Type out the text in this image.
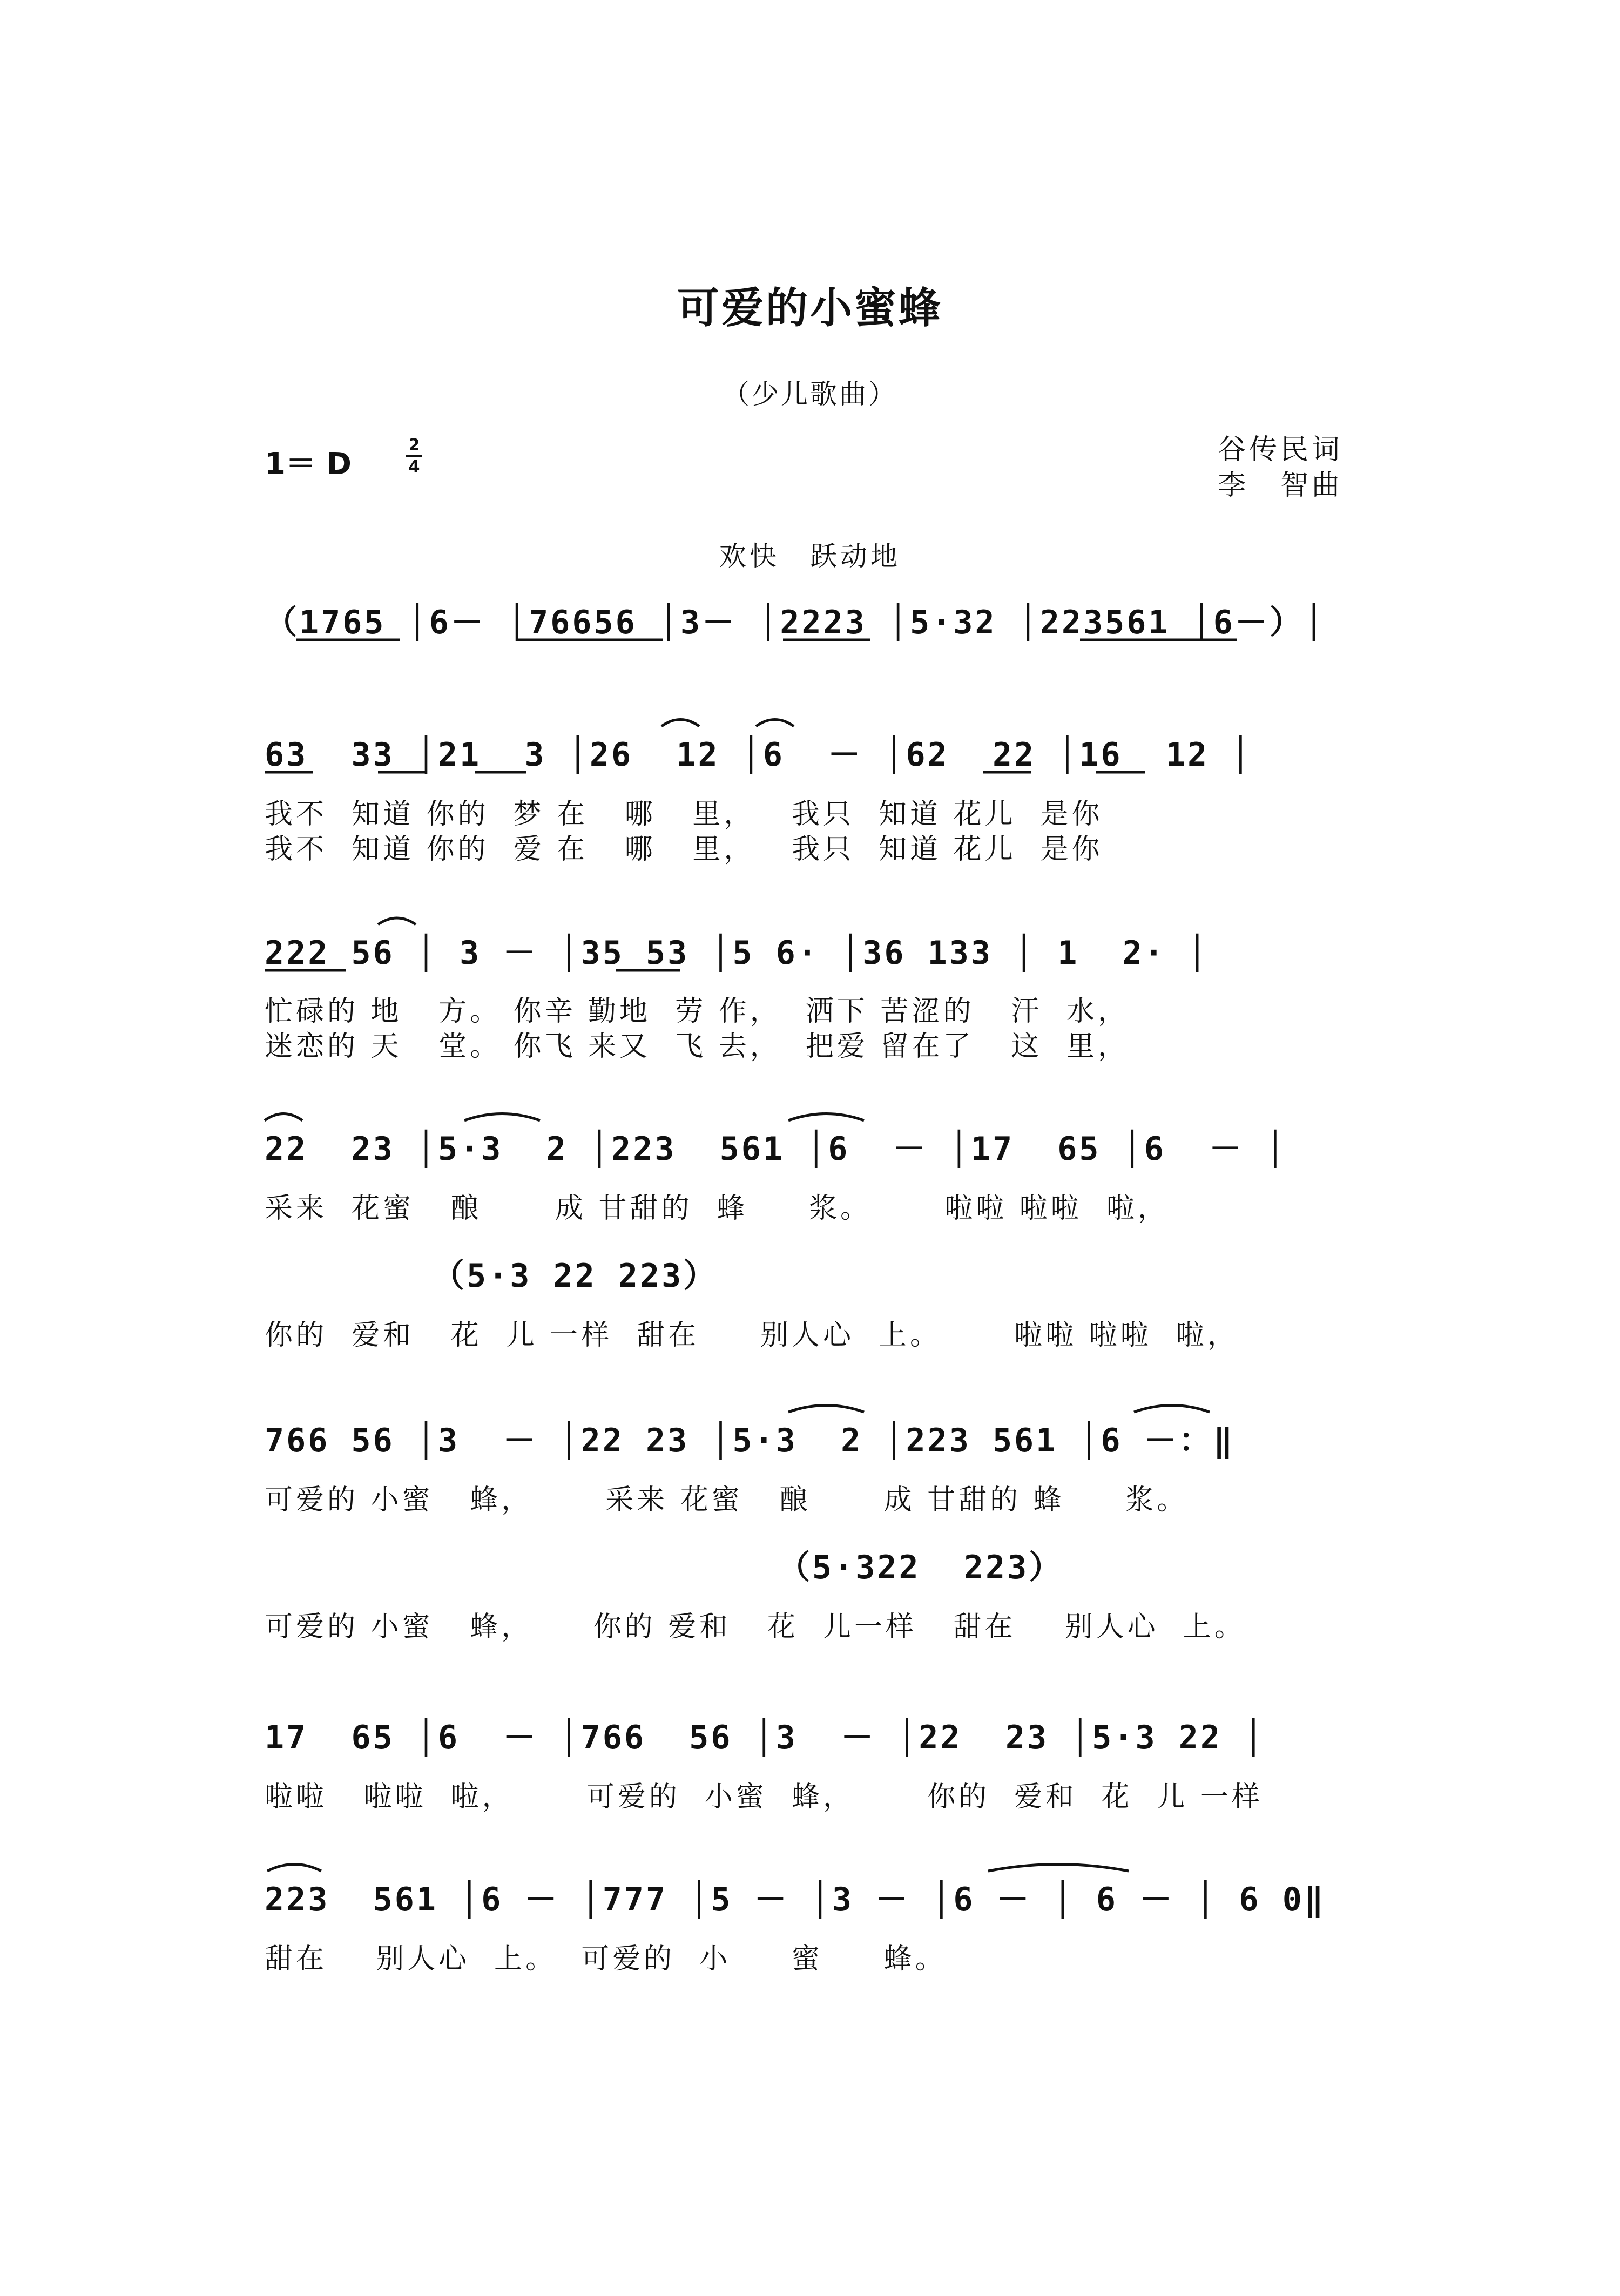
可爱的小蜜蜂
（少儿歌曲）
1＝ D
2
4
谷传民词
李　智曲
欢快　跃动地
（1765 │6－ │76656 │3－ │2223 │5·32 │223561 │6－）│
63  33 │21  3 │26  12 │6  － │62  22 │16  12 │
我不  知道 你的  梦 在   哪   里，   我只  知道 花儿  是你
我不  知道 你的  爱 在   哪   里，   我只  知道 花儿  是你
222 56 │ 3 － │35 53 │5 6· │36 133 │ 1  2· │
忙碌的 地   方。 你辛 勤地  劳 作，  洒下 苦涩的   汗  水，
迷恋的 天   堂。 你飞 来又  飞 去，  把爱 留在了   这  里，
22  23 │5·3  2 │223  561 │6  － │17  65 │6  － │
采来  花蜜   酿      成 甘甜的  蜂     浆。      啦啦 啦啦  啦，
（5·3 22 223）
你的  爱和   花  儿 一样  甜在     别人心  上。      啦啦 啦啦  啦，
766 56 │3  － │22 23 │5·3  2 │223 561 │6 －：‖
可爱的 小蜜   蜂，      采来 花蜜   酿      成 甘甜的 蜂     浆。
（5·322  223）
可爱的 小蜜   蜂，     你的 爱和   花  儿一样   甜在    别人心  上。
17  65 │6  － │766  56 │3  － │22  23 │5·3 22 │
啦啦   啦啦  啦，      可爱的  小蜜  蜂，      你的  爱和  花  儿 一样
223  561 │6 － │777 │5 － │3 － │6 － │ 6 － │ 6 0‖
甜在    别人心  上。  可爱的  小     蜜     蜂。
